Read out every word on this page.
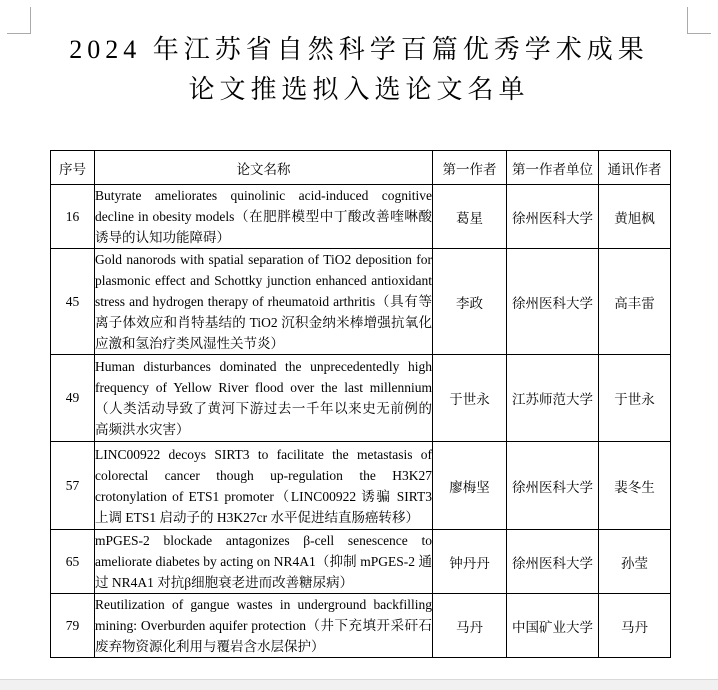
2024 年江苏省自然科学百篇优秀学术成果
论文推选拟入选论文名单
序号	论文名称	第一作者	第一作者单位	通讯作者
16	Butyrate ameliorates quinolinic acid-induced cognitive decline in obesity models（在肥胖模型中丁酸改善喹啉酸诱导的认知功能障碍）	葛星	徐州医科大学	黄旭枫
45	Gold nanorods with spatial separation of TiO2 deposition for plasmonic effect and Schottky junction enhanced antioxidant stress and hydrogen therapy of rheumatoid arthritis（具有等离子体效应和肖特基结的 TiO2 沉积金纳米棒增强抗氧化应激和氢治疗类风湿性关节炎）	李政	徐州医科大学	高丰雷
49	Human disturbances dominated the unprecedentedly high frequency of Yellow River flood over the last millennium（人类活动导致了黄河下游过去一千年以来史无前例的高频洪水灾害）	于世永	江苏师范大学	于世永
57	LINC00922 decoys SIRT3 to facilitate the metastasis of colorectal cancer though up-regulation the H3K27 crotonylation of ETS1 promoter（LINC00922 诱骗 SIRT3 上调 ETS1 启动子的 H3K27cr 水平促进结直肠癌转移）	廖梅坚	徐州医科大学	裴冬生
65	mPGES-2 blockade antagonizes β-cell senescence to ameliorate diabetes by acting on NR4A1（抑制 mPGES-2 通过 NR4A1 对抗β细胞衰老进而改善糖尿病）	钟丹丹	徐州医科大学	孙莹
79	Reutilization of gangue wastes in underground backfilling mining: Overburden aquifer protection（井下充填开采矸石废弃物资源化利用与覆岩含水层保护）	马丹	中国矿业大学	马丹
